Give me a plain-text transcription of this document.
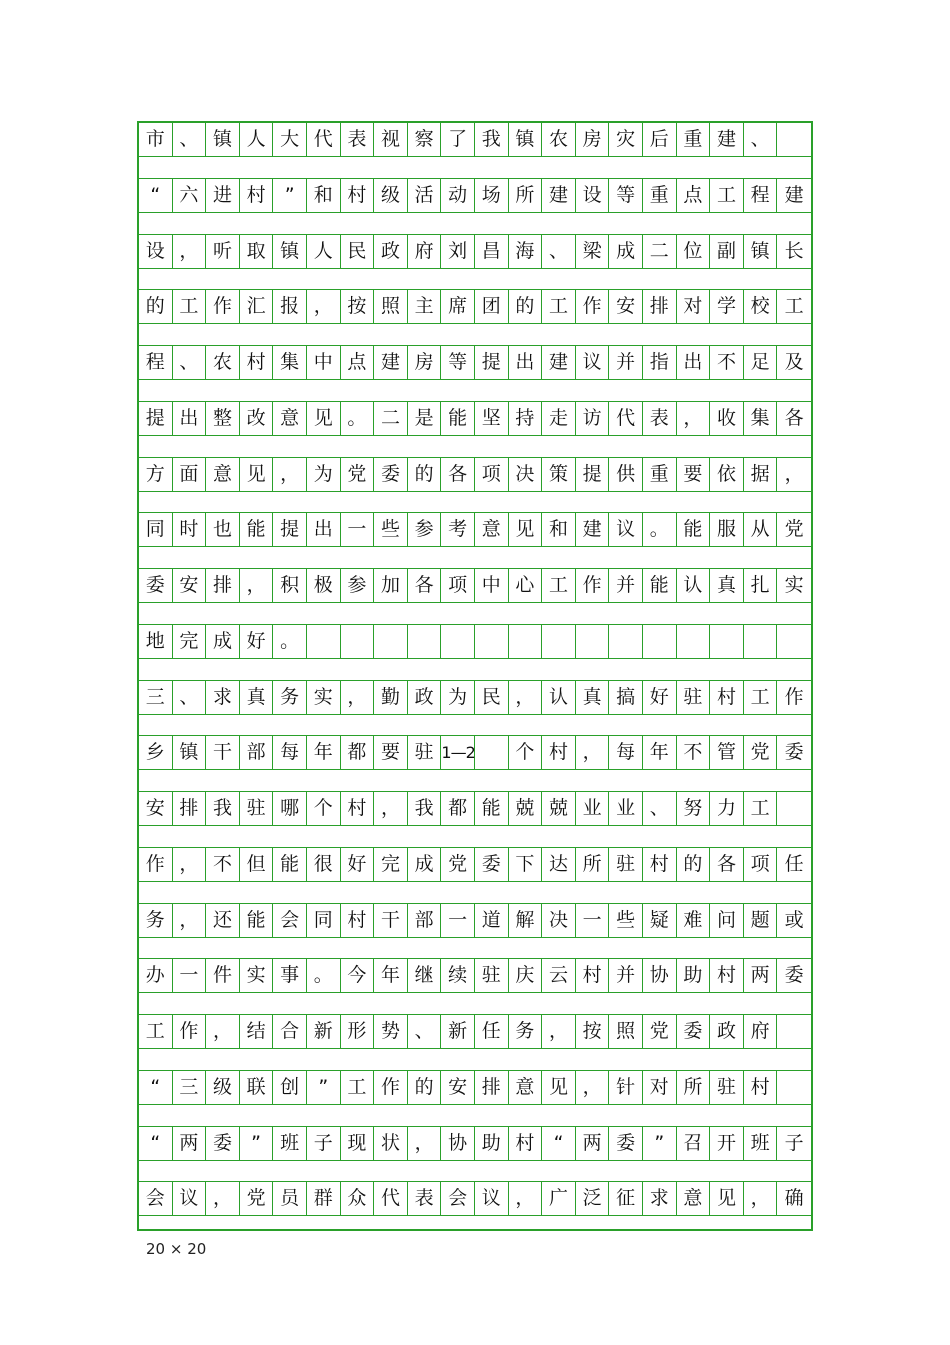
市 、 镇 人 大 代 表 视 察 了 我 镇 农 房 灾 后 重 建 、
“	六 进 村	”	和 村 级 活 动 场 所 建 设 等 重 点 工 程 建
设 ， 听 取 镇 人 民 政 府 刘 昌 海 、 梁 成 二 位 副 镇 长
的 工 作 汇 报 ， 按 照 主 席 团 的 工 作 安 排 对 学 校 工
程 、 农 村 集 中 点 建 房 等 提 出 建 议 并 指 出 不 足 及
提 出 整 改 意 见 。 二 是 能 坚 持 走 访 代 表 ， 收 集 各
方 面 意 见 ， 为 党 委 的 各 项 决 策 提 供 重 要 依 据 ，
同 时 也 能 提 出 一 些 参 考 意 见 和 建 议 。 能 服 从 党
委 安 排 ， 积 极 参 加 各 项 中 心 工 作 并 能 认 真 扎 实
地 完 成 好 。
三 、 求 真 务 实 ， 勤 政 为 民 ， 认 真 搞 好 驻 村 工 作
乡 镇 干 部 每 年 都 要 驻 1—2	个 村 ， 每 年 不 管 党 委
安 排 我 驻 哪 个 村 ， 我 都 能 兢 兢 业 业 、 努 力 工
作 ， 不 但 能 很 好 完 成 党 委 下 达 所 驻 村 的 各 项 任
务 ， 还 能 会 同 村 干 部 一 道 解 决 一 些 疑 难 问 题 或
办 一 件 实 事 。 今 年 继 续 驻 庆 云 村 并 协 助 村 两 委
工 作 ， 结 合 新 形 势 、 新 任 务 ， 按 照 党 委 政 府
“	三 级 联 创	”	工 作 的 安 排 意 见 ， 针 对 所 驻 村
“	两 委	”	班 子 现 状 ， 协 助 村	“	两 委	”	召 开 班 子
会 议 ， 党 员 群 众 代 表 会 议 ， 广 泛 征 求 意 见 ， 确
20 × 20
